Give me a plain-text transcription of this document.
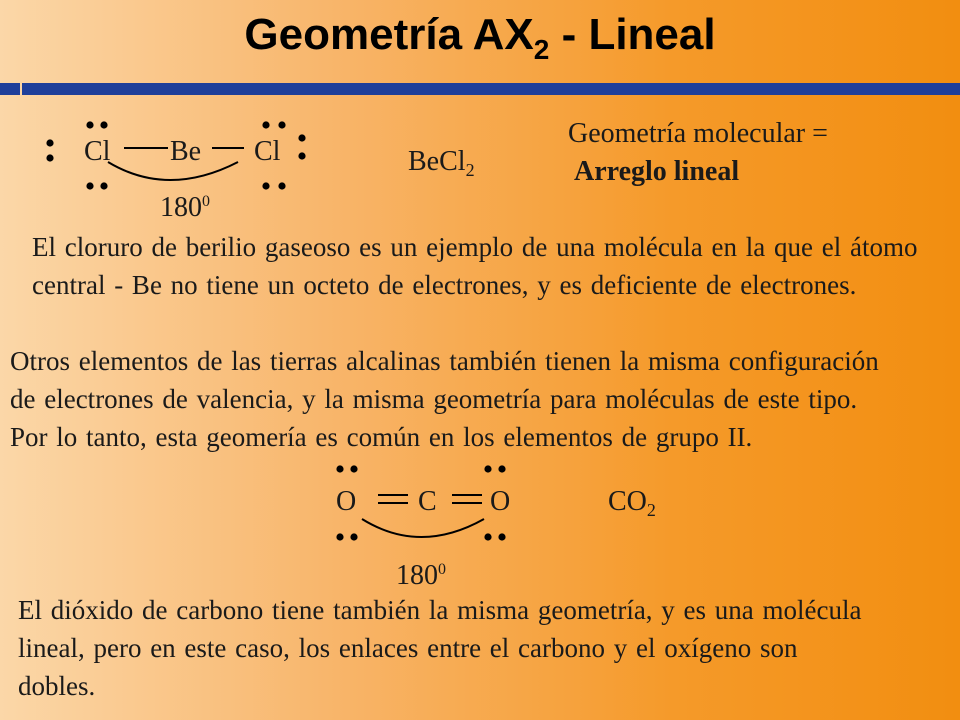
Geometría $AX_2$ - Lineal
Cl Be Cl
$180^0$
BeCl$_2$
Geometría molecular =
Arreglo lineal
El cloruro de berilio gaseoso es un ejemplo de una molécula en la que el átomo central - Be no tiene un octeto de electrones, y es deficiente de electrones.
Otros elementos de las tierras alcalinas también tienen la misma configuración de electrones de valencia, y la misma geometría para moléculas de este tipo. Por lo tanto, esta geomería es común en los elementos de grupo II.
O C O
$180^0$
$CO_2$
El dióxido de carbono tiene también la misma geometría, y es una molécula lineal, pero en este caso, los enlaces entre el carbono y el oxígeno son dobles.
